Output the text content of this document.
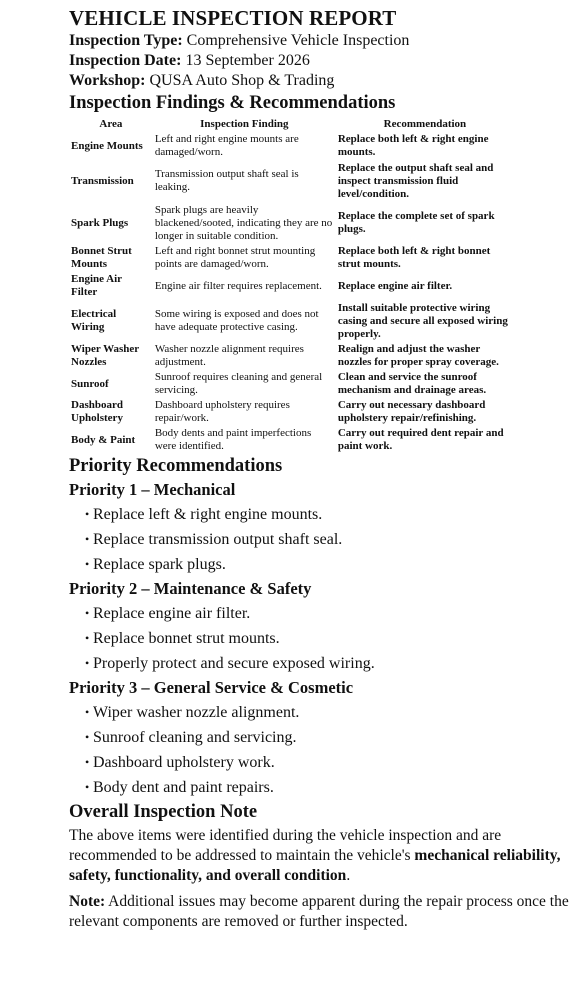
VEHICLE INSPECTION REPORT
Inspection Type: Comprehensive Vehicle Inspection
Inspection Date: 13 September 2026
Workshop: QUSA Auto Shop & Trading
Inspection Findings & Recommendations
Area	Inspection Finding	Recommendation
Engine Mounts	Left and right engine mounts are damaged/worn.	Replace both left & right engine mounts.
Transmission	Transmission output shaft seal is leaking.	Replace the output shaft seal and inspect transmission fluid level/condition.
Spark Plugs	Spark plugs are heavily blackened/sooted, indicating they are no longer in suitable condition.	Replace the complete set of spark plugs.
Bonnet Strut Mounts	Left and right bonnet strut mounting points are damaged/worn.	Replace both left & right bonnet strut mounts.
Engine Air Filter	Engine air filter requires replacement.	Replace engine air filter.
Electrical Wiring	Some wiring is exposed and does not have adequate protective casing.	Install suitable protective wiring casing and secure all exposed wiring properly.
Wiper Washer Nozzles	Washer nozzle alignment requires adjustment.	Realign and adjust the washer nozzles for proper spray coverage.
Sunroof	Sunroof requires cleaning and general servicing.	Clean and service the sunroof mechanism and drainage areas.
Dashboard Upholstery	Dashboard upholstery requires repair/work.	Carry out necessary dashboard upholstery repair/refinishing.
Body & Paint	Body dents and paint imperfections were identified.	Carry out required dent repair and paint work.
Priority Recommendations
Priority 1 – Mechanical
• Replace left & right engine mounts.
• Replace transmission output shaft seal.
• Replace spark plugs.
Priority 2 – Maintenance & Safety
• Replace engine air filter.
• Replace bonnet strut mounts.
• Properly protect and secure exposed wiring.
Priority 3 – General Service & Cosmetic
• Wiper washer nozzle alignment.
• Sunroof cleaning and servicing.
• Dashboard upholstery work.
• Body dent and paint repairs.
Overall Inspection Note

The above items were identified during the vehicle inspection and are recommended to be addressed to maintain the vehicle's mechanical reliability, safety, functionality, and overall condition.

Note: Additional issues may become apparent during the repair process once the relevant components are removed or further inspected.
